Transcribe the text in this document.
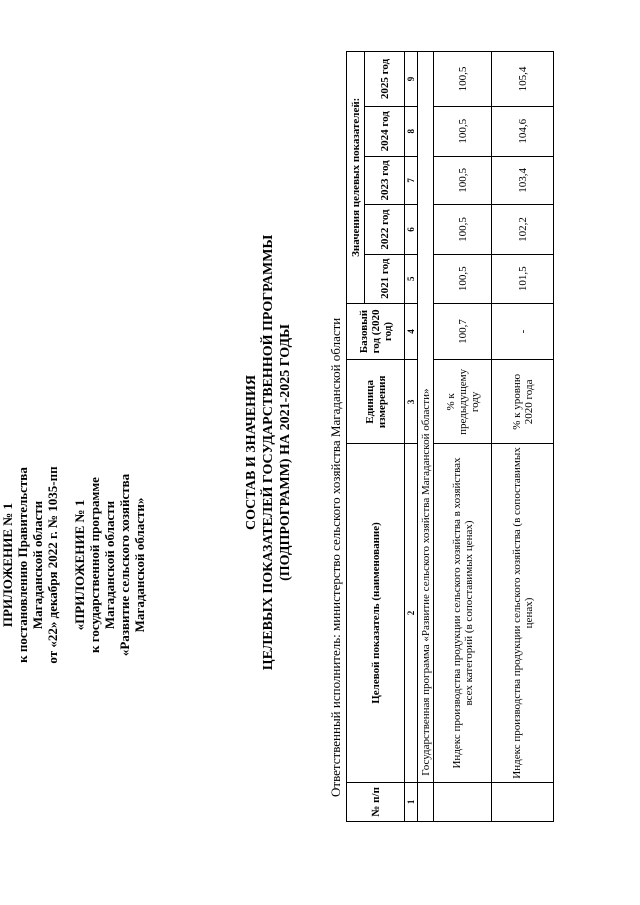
ПРИЛОЖЕНИЕ № 1 к постановлению Правительства Магаданской области от «22» декабря 2022 г. № 1035-пп «ПРИЛОЖЕНИЕ № 1 к государственной программе Магаданской области «Развитие сельского хозяйства Магаданской области»
СОСТАВ И ЗНАЧЕНИЯ ЦЕЛЕВЫХ ПОКАЗАТЕЛЕЙ ГОСУДАРСТВЕННОЙ ПРОГРАММЫ (ПОДПРОГРАММ) НА 2021-2025 ГОДЫ	Ответственный исполнитель: министерство сельского хозяйства Магаданской области
№ п/п	Целевой показатель (наименование)	Единица измерения	Базовый год (2020 год)	Значения целевых показателей:				
				2021 год	2022 год	2023 год	2024 год	2025 год
1	2	3	4	5	6	7	8	9
	Государственная программа «Развитие сельского хозяйства Магаданской области»							
	Индекс производства продукции сельского хозяйства в хозяйствах всех категорий (в сопоставимых ценах)	% к предыдущему году	100,7	100,5	100,5	100,5	100,5	100,5
	Индекс производства продукции сельского хозяйства (в сопоставимых ценах)	% к уровню 2020 года	-	101,5	102,2	103,4	104,6	105,4
